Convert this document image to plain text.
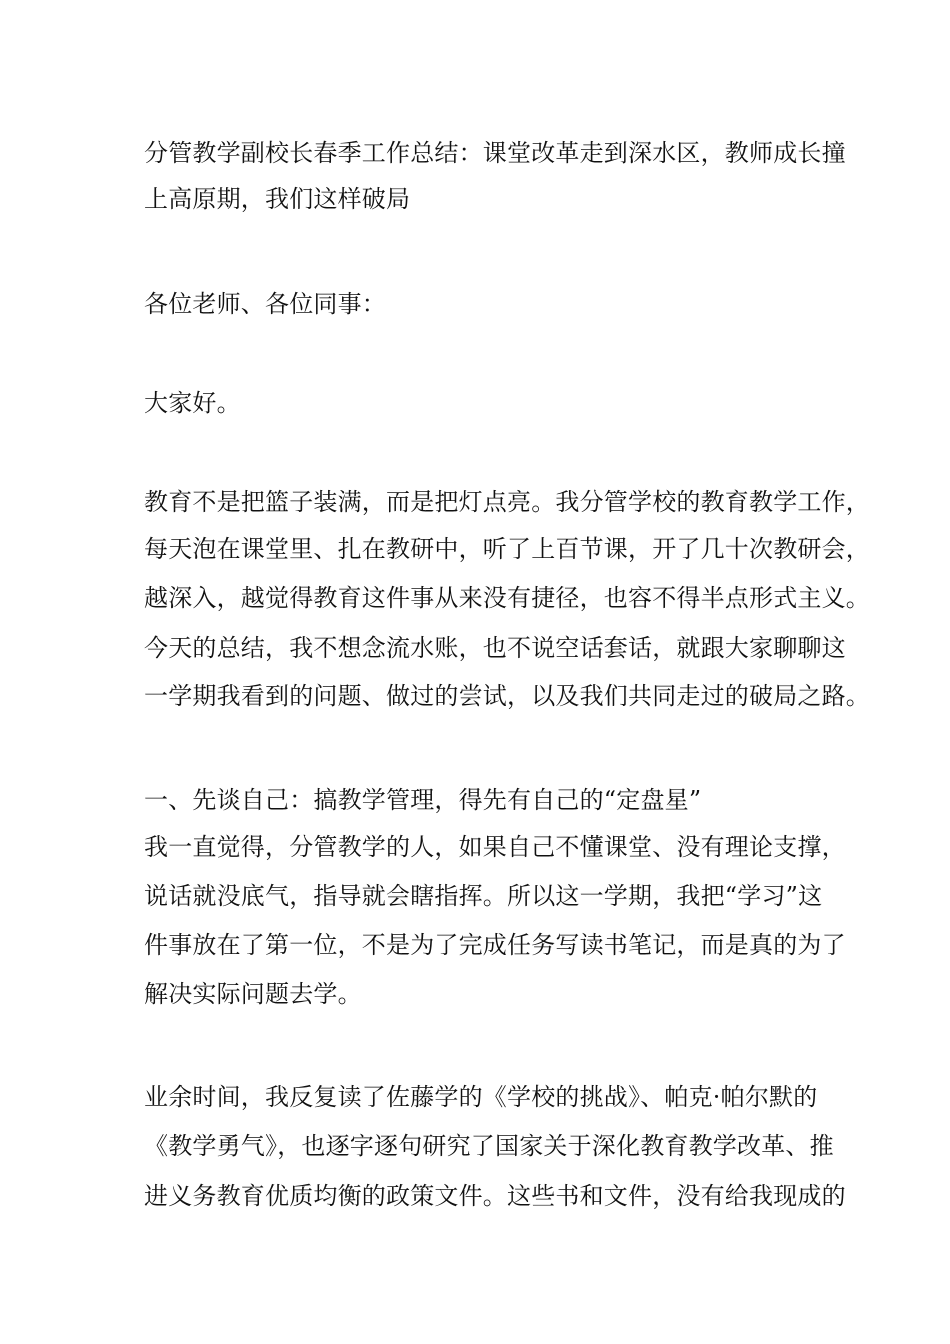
分管教学副校长春季工作总结：课堂改革走到深水区，教师成长撞
上高原期，我们这样破局
各位老师、各位同事：
大家好。
教育不是把篮子装满，而是把灯点亮。我分管学校的教育教学工作，
每天泡在课堂里、扎在教研中，听了上百节课，开了几十次教研会，
越深入，越觉得教育这件事从来没有捷径，也容不得半点形式主义。
今天的总结，我不想念流水账，也不说空话套话，就跟大家聊聊这
一学期我看到的问题、做过的尝试，以及我们共同走过的破局之路。
一、先谈自己：搞教学管理，得先有自己的“定盘星”
我一直觉得，分管教学的人，如果自己不懂课堂、没有理论支撑，
说话就没底气，指导就会瞎指挥。所以这一学期，我把“学习”这
件事放在了第一位，不是为了完成任务写读书笔记，而是真的为了
解决实际问题去学。
业余时间，我反复读了佐藤学的《学校的挑战》、帕克·帕尔默的
《教学勇气》，也逐字逐句研究了国家关于深化教育教学改革、推
进义务教育优质均衡的政策文件。这些书和文件，没有给我现成的
